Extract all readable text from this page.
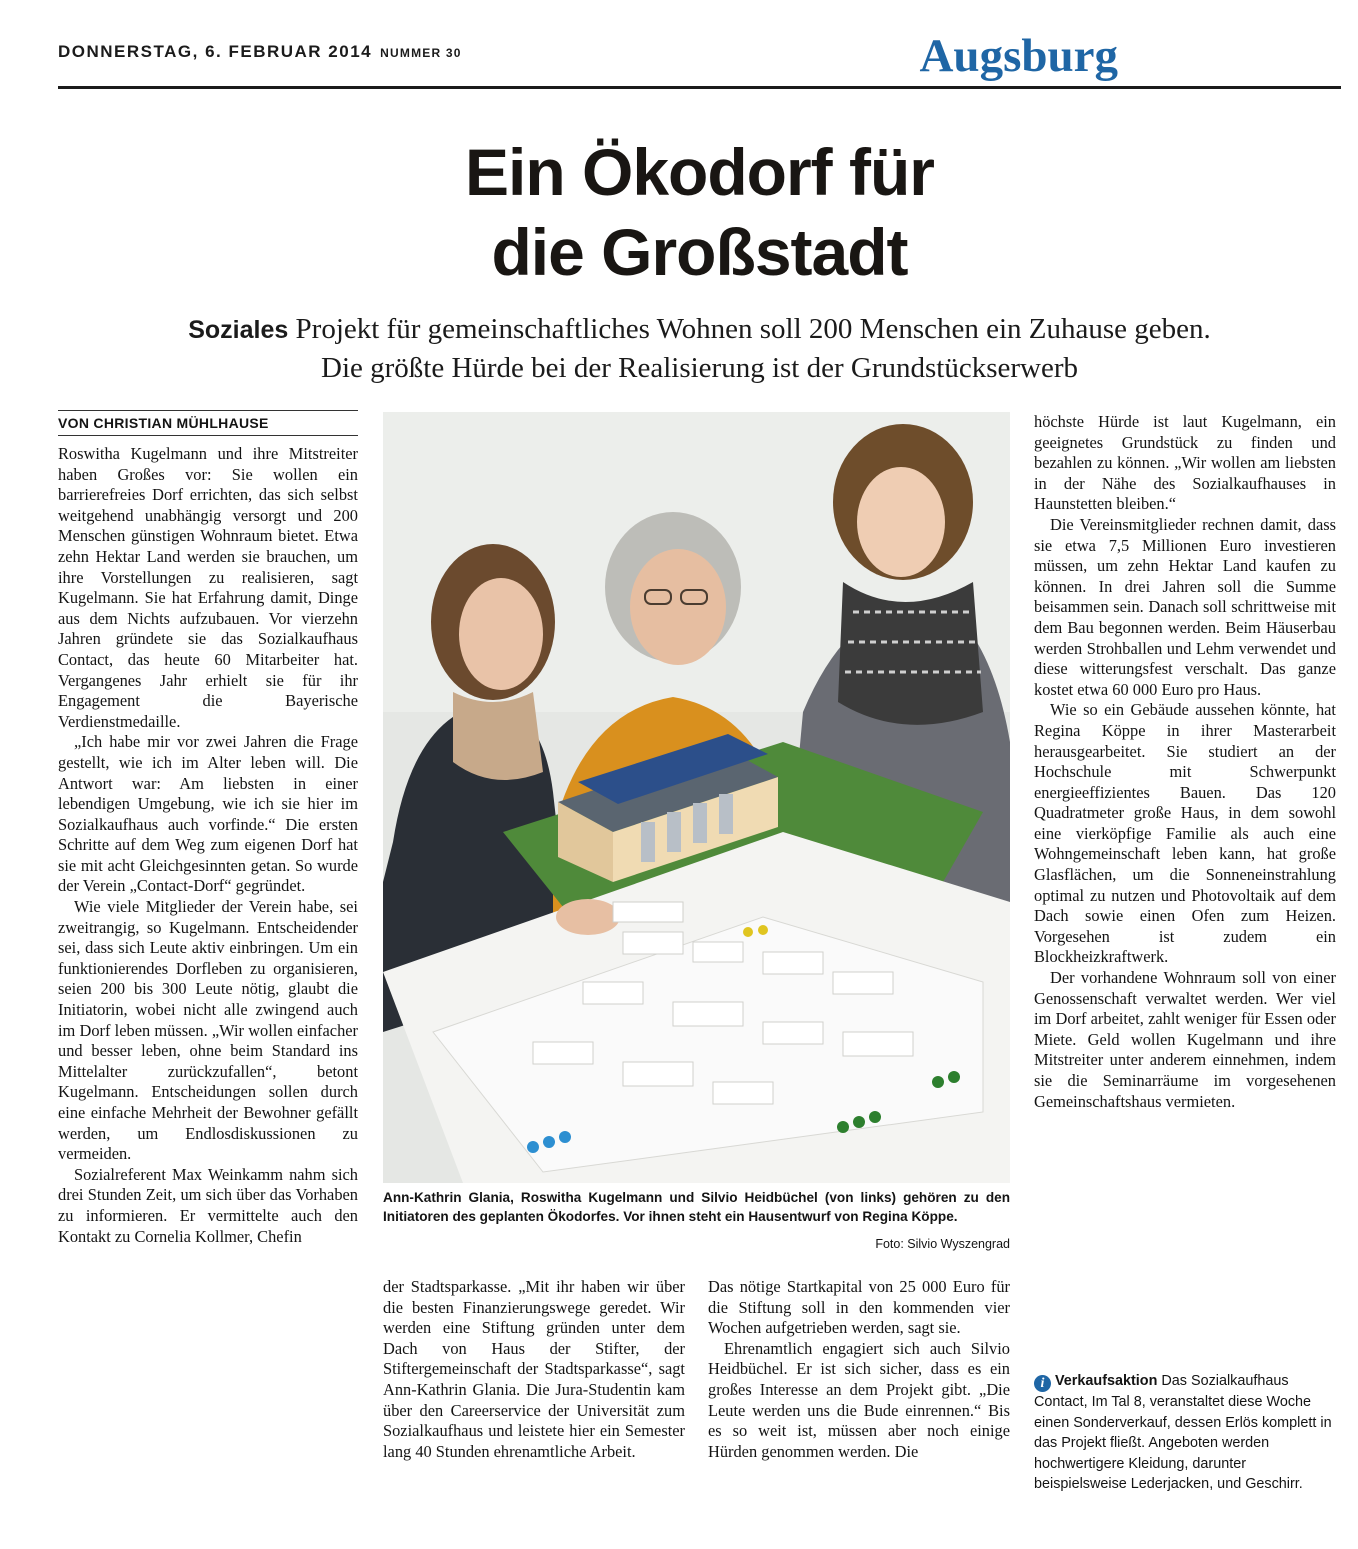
DONNERSTAG, 6. FEBRUAR 2014 NUMMER 30	Augsburg
Ein Ökodorf für
die Großstadt
Soziales Projekt für gemeinschaftliches Wohnen soll 200 Menschen ein Zuhause geben.
Die größte Hürde bei der Realisierung ist der Grundstückserwerb
VON CHRISTIAN MÜHLHAUSE

Roswitha Kugelmann und ihre Mitstreiter haben Großes vor: Sie wollen ein barrierefreies Dorf errichten, das sich selbst weitgehend unabhängig versorgt und 200 Menschen günstigen Wohnraum bietet. Etwa zehn Hektar Land werden sie brauchen, um ihre Vorstellungen zu realisieren, sagt Kugelmann. Sie hat Erfahrung damit, Dinge aus dem Nichts aufzubauen. Vor vierzehn Jahren gründete sie das Sozialkaufhaus Contact, das heute 60 Mitarbeiter hat. Vergangenes Jahr erhielt sie für ihr Engagement die Bayerische Verdienstmedaille.

„Ich habe mir vor zwei Jahren die Frage gestellt, wie ich im Alter leben will. Die Antwort war: Am liebsten in einer lebendigen Umgebung, wie ich sie hier im Sozialkaufhaus auch vorfinde.“ Die ersten Schritte auf dem Weg zum eigenen Dorf hat sie mit acht Gleichgesinnten getan. So wurde der Verein „Contact-Dorf“ gegründet.

Wie viele Mitglieder der Verein habe, sei zweitrangig, so Kugelmann. Entscheidender sei, dass sich Leute aktiv einbringen. Um ein funktionierendes Dorfleben zu organisieren, seien 200 bis 300 Leute nötig, glaubt die Initiatorin, wobei nicht alle zwingend auch im Dorf leben müssen. „Wir wollen einfacher und besser leben, ohne beim Standard ins Mittelalter zurückzufallen“, betont Kugelmann. Entscheidungen sollen durch eine einfache Mehrheit der Bewohner gefällt werden, um Endlosdiskussionen zu vermeiden.

Sozialreferent Max Weinkamm nahm sich drei Stunden Zeit, um sich über das Vorhaben zu informieren. Er vermittelte auch den Kontakt zu Cornelia Kollmer, Chefin

Ann-Kathrin Glania, Roswitha Kugelmann und Silvio Heidbüchel (von links) gehören zu den Initiatoren des geplanten Ökodorfes. Vor ihnen steht ein Hausentwurf von Regina Köppe.
Foto: Silvio Wyszengrad

der Stadtsparkasse. „Mit ihr haben wir über die besten Finanzierungswege geredet. Wir werden eine Stiftung gründen unter dem Dach von Haus der Stifter, der Stiftergemeinschaft der Stadtsparkasse“, sagt Ann-Kathrin Glania. Die Jura-Studentin kam über den Careerservice der Universität zum Sozialkaufhaus und leistete hier ein Semester lang 40 Stunden ehrenamtliche Arbeit.

Das nötige Startkapital von 25 000 Euro für die Stiftung soll in den kommenden vier Wochen aufgetrieben werden, sagt sie.

Ehrenamtlich engagiert sich auch Silvio Heidbüchel. Er ist sich sicher, dass es ein großes Interesse an dem Projekt gibt. „Die Leute werden uns die Bude einrennen.“ Bis es so weit ist, müssen aber noch einige Hürden genommen werden. Die

höchste Hürde ist laut Kugelmann, ein geeignetes Grundstück zu finden und bezahlen zu können. „Wir wollen am liebsten in der Nähe des Sozialkaufhauses in Haunstetten bleiben.“

Die Vereinsmitglieder rechnen damit, dass sie etwa 7,5 Millionen Euro investieren müssen, um zehn Hektar Land kaufen zu können. In drei Jahren soll die Summe beisammen sein. Danach soll schrittweise mit dem Bau begonnen werden. Beim Häuserbau werden Strohballen und Lehm verwendet und diese witterungsfest verschalt. Das ganze kostet etwa 60 000 Euro pro Haus.

Wie so ein Gebäude aussehen könnte, hat Regina Köppe in ihrer Masterarbeit herausgearbeitet. Sie studiert an der Hochschule mit Schwerpunkt energieeffizientes Bauen. Das 120 Quadratmeter große Haus, in dem sowohl eine vierköpfige Familie als auch eine Wohngemeinschaft leben kann, hat große Glasflächen, um die Sonneneinstrahlung optimal zu nutzen und Photovoltaik auf dem Dach sowie einen Ofen zum Heizen. Vorgesehen ist zudem ein Blockheizkraftwerk.

Der vorhandene Wohnraum soll von einer Genossenschaft verwaltet werden. Wer viel im Dorf arbeitet, zahlt weniger für Essen oder Miete. Geld wollen Kugelmann und ihre Mitstreiter unter anderem einnehmen, indem sie die Seminarräume im vorgesehenen Gemeinschaftshaus vermieten.

i Verkaufsaktion Das Sozialkaufhaus Contact, Im Tal 8, veranstaltet diese Woche einen Sonderverkauf, dessen Erlös komplett in das Projekt fließt. Angeboten werden hochwertigere Kleidung, darunter beispielsweise Lederjacken, und Geschirr.
